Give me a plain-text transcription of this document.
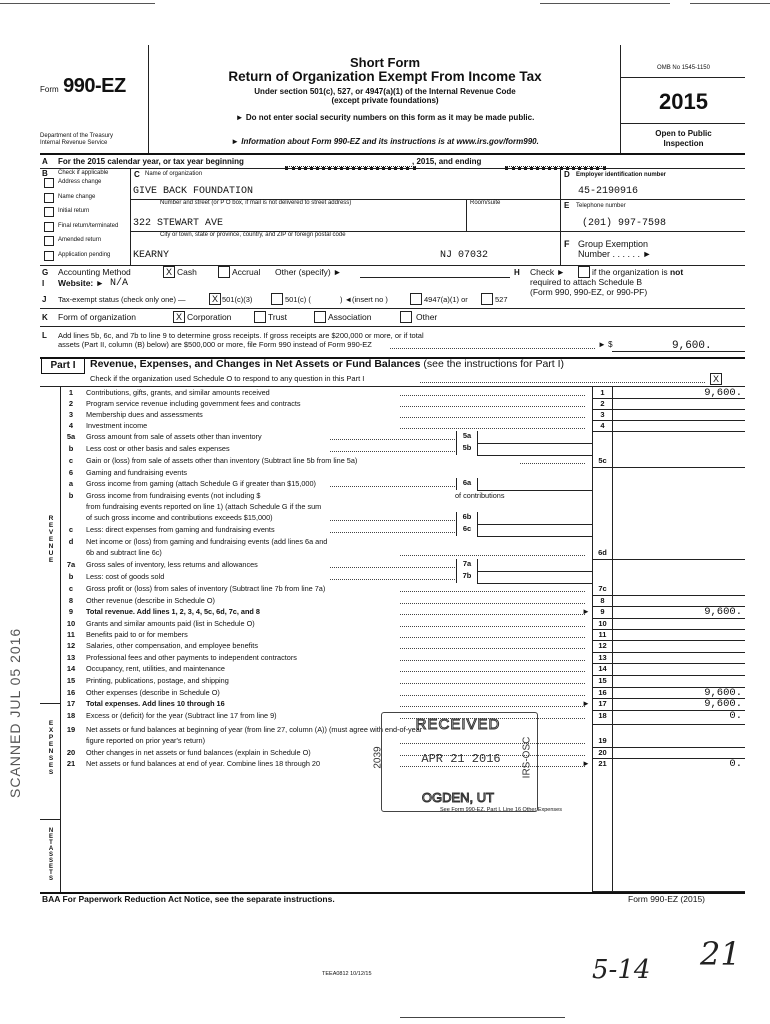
Form 990-EZ
Department of the Treasury
Internal Revenue Service
Short Form
Return of Organization Exempt From Income Tax
Under section 501(c), 527, or 4947(a)(1) of the Internal Revenue Code
(except private foundations)
► Do not enter social security numbers on this form as it may be made public.
► Information about Form 990-EZ and its instructions is at www.irs.gov/form990.
OMB No 1545-1150
2015
Open to Public
Inspection
A For the 2015 calendar year, or tax year beginning	, 2015, and ending
B Check if applicable
Address change
Name change
Initial return
Final return/terminated
Amended return
Application pending
C Name of organization
GIVE BACK FOUNDATION
Number and street (or P O box, if mail is not delivered to street address)	Room/suite
322 STEWART AVE
City or town, state or province, country, and ZIP or foreign postal code
KEARNY	NJ 07032
D Employer identification number
45-2190916
E Telephone number
(201) 997-7598
F Group Exemption
Number . . . . . . ►
G Accounting Method	X Cash	Accrual Other (specify) ►	H Check ►	if the organization is not
required to attach Schedule B
(Form 990, 990-EZ, or 990-PF)
I Website: ► N/A
J Tax-exempt status (check only one) —	X 501(c)(3)	501(c) (	) ◄(insert no )	4947(a)(1) or	527
K Form of organization	X Corporation	Trust	Association	Other
L Add lines 5b, 6c, and 7b to line 9 to determine gross receipts. If gross receipts are $200,000 or more, or if total
assets (Part II, column (B) below) are $500,000 or more, file Form 990 instead of Form 990-EZ	► $	9,600.
Part I	Revenue, Expenses, and Changes in Net Assets or Fund Balances (see the instructions for Part I)
Check if the organization used Schedule O to respond to any question in this Part I	X
1	Contributions, gifts, grants, and similar amounts received	1	9,600.
2	Program service revenue including government fees and contracts	2
3	Membership dues and assessments	3
4	Investment income	4
5a	Gross amount from sale of assets other than inventory	5a
b	Less cost or other basis and sales expenses	5b
c	Gain or (loss) from sale of assets other than inventory (Subtract line 5b from line 5a)	5c
6	Gaming and fundraising events
a	Gross income from gaming (attach Schedule G if greater than $15,000)	6a
b	Gross income from fundraising events (not including $	of contributions
from fundraising events reported on line 1) (attach Schedule G if the sum
of such gross income and contributions exceeds $15,000)	6b
c	Less: direct expenses from gaming and fundraising events	6c
d	Net income or (loss) from gaming and fundraising events (add lines 6a and
6b and subtract line 6c)	6d
7a	Gross sales of inventory, less returns and allowances	7a
b	Less: cost of goods sold	7b
c	Gross profit or (loss) from sales of inventory (Subtract line 7b from line 7a)	7c
8	Other revenue (describe in Schedule O)	8
9	Total revenue. Add lines 1, 2, 3, 4, 5c, 6d, 7c, and 8	►	9	9,600.
10	Grants and similar amounts paid (list in Schedule O)	10
11	Benefits paid to or for members	11
12	Salaries, other compensation, and employee benefits	12
13	Professional fees and other payments to independent contractors	13
14	Occupancy, rent, utilities, and maintenance	14
15	Printing, publications, postage, and shipping	15
16	Other expenses (describe in Schedule O)	16	9,600.
17	Total expenses. Add lines 10 through 16	►	17	9,600.
18	Excess or (deficit) for the year (Subtract line 17 from line 9)	18	0.
19	Net assets or fund balances at beginning of year (from line 27, column (A)) (must agree with end-of-year
figure reported on prior year's return)	19
20	Other changes in net assets or fund balances (explain in Schedule O)	20
21	Net assets or fund balances at end of year. Combine lines 18 through 20	►	21	0.
R
E
V
E
N
U
E
E
X
P
E
N
S
E
S
N
E
T
A
S
S
E
T
S
See Form 990-EZ, Part I, Line 16 Other Expenses
RECEIVED
APR 21 2016
OGDEN, UT
2039	IRS-OSC
SCANNED JUL 05 2016
BAA For Paperwork Reduction Act Notice, see the separate instructions.	Form 990-EZ (2015)
TEEA0812 10/12/15	5-14 21
